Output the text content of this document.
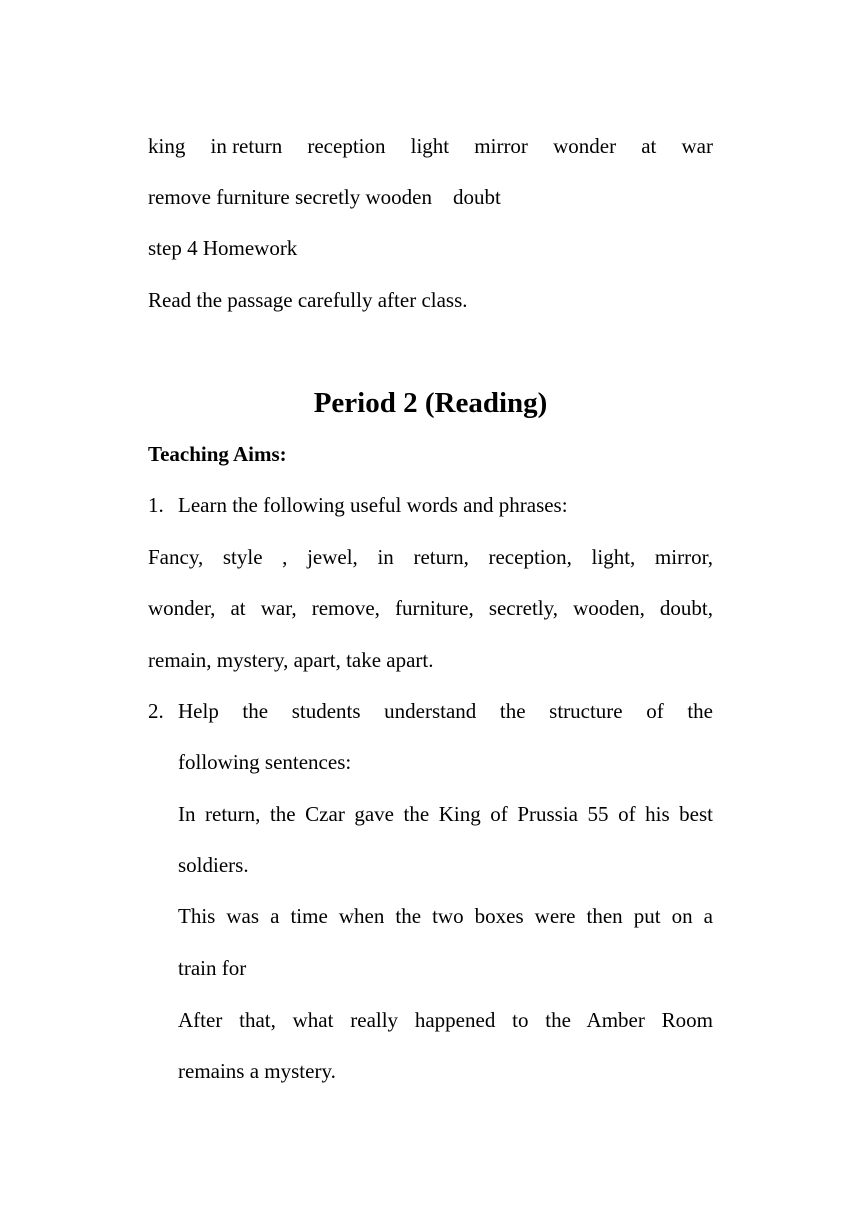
king in return reception light mirror wonder at war
remove furniture secretly wooden    doubt
step 4 Homework
Read the passage carefully after class.
Period 2 (Reading)
Teaching Aims:
1. Learn the following useful words and phrases:
Fancy, style , jewel, in return, reception, light, mirror,
wonder, at war, remove, furniture, secretly, wooden, doubt,
remain, mystery, apart, take apart.
2. Help the students understand the structure of the
following sentences:
In return, the Czar gave the King of Prussia 55 of his best
soldiers.
This was a time when the two boxes were then put on a
train for
After that, what really happened to the Amber Room
remains a mystery.
